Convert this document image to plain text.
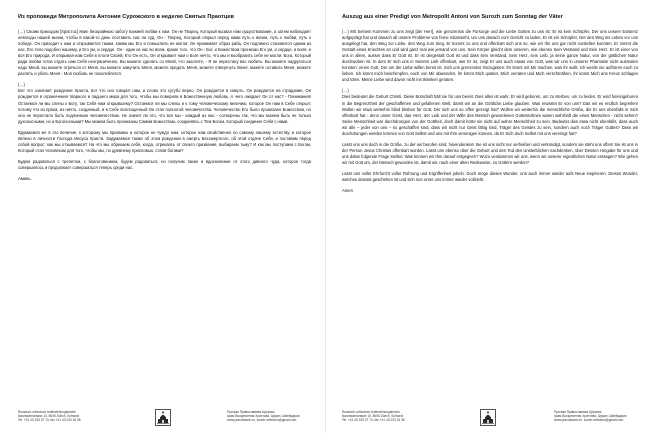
Из проповеди Митрополита Антония Сурожского в неделю Святых Праотцев
(…) Своим приходом [Христос] явил бескрайнюю заботу Божией любви к нам. Он не Творец, Который вызвал нам существование, а затем наблюдает невзгоды нашей жизни, чтобы в какой-то день поставить нас на суд. Он - Творец, Который открыл перед нами путь к жизни, путь к любви, путь к победе. Он приходит к нам и открывается таким, каким мы Его и помыслить не могли: Он принимает образ раба, Он подлинно становится одним из нас. Его тело подобно нашему, и Его ум, и сердце. Он - один из нас во всем, кроме того, что Он - Бог, и Божеством пронизан Его ум, и сердце, и воля, и вся Его природа. И открывая нам Себя в плоти Своей, Кто Он есть, Он открывает нам о Боге нечто, что мы и вообразить себе не могли: Бога, Который ради любви готов отдать нам Себя неограниченно. Вы можете сделать со Мной, что захотите, - Я не перестану вас любить. Вы можете надругаться надо Мной, вы можете отречься от Меня, вы можете замучить Меня, можете предать Меня, можете отвергнуть Меня, можете оставить Меня, можете распять и убить Меня - Моя любовь не поколеблется.
(…)
Вот что означает рождение Христа, вот что оно говорит нам, и слово это сугубо верно. Он рождается в смерть, Он рождается на страдание, Он рождается в ограничения тварного и падшего мира для того, чтобы мы поверили в Божественную любовь. А чего ожидает Он от нас? - Понимания! Остаемся ли мы слепы к Богу, так Себя нам открывшему? Остаемся ли мы слепы и к тому человеческому величию, которое Он нам в Себе открыл: потому что из праха, из ничто, созданный, и в Себе воплощенный Он стал полнотой человечества. Человечество Его было пронизано Божеством, но оно не перестало быть подлинным человечеством. Не значит ли это, что все мы - каждый из нас - сотворены так, что мы можем быть не только духоносными, но и Богоносными? Мы можем быть пронизаны Самим Божеством, соединяясь с Тем Богом, Который соединил Себя с нами.
Вдумаемся же в это величие, к которому мы призваны и которое не чуждо нам, которое нам свойственно по самому нашему естеству, и которое явлено в личности Господа Иисуса Христа. Задумаемся также об этом рождении в смерть Бессмертного, об этой отдаче Себя, и поставим перед собой вопрос: как мы отзываемся? На что мы обрекаем себя, когда, отрекаясь от своего призвания, выбираем тьму? И как мы поступаем с Богом, Который стал человеком для того, чтобы мы, по древнему присловью, стали богами?
Будем радоваться с трепетом, с благоговением, будем радоваться, но получим также и вдохновение от этого дивного чуда, которое тогда совершилось и продолжает совершаться теперь среди нас.
Аминь.
Russisch-orthodoxe Auferstehungskirche
Narzissenstrasse 10, 8006 Zürich, Schweiz
Tel. +41 43 233 37 74, fax +41 43 233 34 35
Русская Православная Церковь
храм Воскресения Христова, Цюрих, Швейцария
www.pravoslavie.ch, zurich.orthodox@gmail.com
Auszug aus einer Predigt von Metropolit Antoni von Surozh zum Sonntag der Väter
(…) Mit Seinem Kommen zu uns zeigt [der Herr], wie grenzenlos die Fürsorge und die Liebe Gottes zu uns ist: Er ist kein Schöpfer, Der uns unsere Existenz aufgeprägt hat und danach all unsere Probleme von ferne mitansieht, um uns danach vors Gericht zu laden. Er ist ein Schöpfer, Der den Weg ins Leben vor uns ausgelegt hat, den Weg zur Liebe, den Weg zum Sieg. Er kommt zu uns und offenbart sich uns so, wie wir Ihn uns gar nicht vorstellen konnten. Er nimmt die Gestalt eines Knechtes an und wird ganz real wie jemand von uns. Sein Körper gleicht dem unseren, wie ebenso Sein Verstand und Sein Herz. Er ist einer von uns in allem, ausser dass Er Gott ist. Er ist dergestalt Gott ist und dass sein Verstand, Sein Herz, sein Leib, ja seine ganze Natur, von der göttlichen Natur durchwoben ist. In dem Er sich uns in Seinem Leib offenbart, wer Er ist, zeigt Er uns auch etwas von Gott, was wir uns in unserer Phantasie nicht ausmalen konnten: einen Gott, Der um der Liebe willen bereit ist, Sich uns grenzenlos hinzugeben: Ihr könnt mit Mir machen, was ihr wollt. Ich werde nie aufhören euch zu lieben. Ich könnt mich beschimpfen, euch von Mir abwenden, ihr könnt Mich quälen, Mich verraten und Mich verschmähen, ihr könnt Mich ans Kreuz schlagen und töten. Meine Liebe wird davon nicht ins Wanken geraten.
(…)
Dies bedeutet die Geburt Christi. Diese Botschaft hält sie für uns bereit. Dies alles ist wahr. Er wird geboren, um zu sterben, um zu leiden. Er wird hineingeboren in die Begrenztheit der geschaffenen und gefallenen Welt, damit wir an die Göttliche Liebe glauben. Was erwartet Er von uns? Das wir es endlich begreifen! Wollen wir etwa weiterhin blind bleiben für Gott, Der sich uns so offen gezeigt hat? Wollen wir weiterhin die menschliche Größe, die Er uns ebenfalls in Sich offenbart hat - denn unser Geist, das Herz, der Leib und der Wille des Mensch gewordenen Gottessohnes waren wahrhaft die eines Menschen - nicht sehen? Seine Menschheit war durchdrungen von der Gottheit, doch damit hörte sie nicht auf wahre Menschheit zu sein. Bedeutet dies etwa nicht ebenfalls, dass auch wir alle – jeder von uns – so geschaffen sind, dass wir nicht nur Geist fähig sind, Träger des Geistes zu sein, sondern auch noch Träger Gottes? Dass wir durchdrungen werden können von Gott Selbst und uns mit Ihm vereinigen können, da Er Sich doch Selbst mit uns vereinigt hat?
Lasst uns uns doch in die Größe, zu der wir berufen sind, hineindenken! Sie ist uns nicht nur verheißen und verkündigt, sondern sie steht uns offen! Sie ist uns in der Person Jesus Christus offenbart worden. Lasst uns ebenso über die Geburt und den Tod des Unsterblichen nachdenken, über Dessen Hingabe für uns und uns dabei folgende Frage stellen: Was können wir Ihm darauf entgegnen? Wozu verdammen wir uns, wenn wir unserer eigentlichen Natur entsagen? Wie gehen wir mit Gott um, der Mensch geworden ist, damit wir, nach einer alten Redeweise, zu Göttern werden?
Lasst uns voller Ehrfurcht voller Rührung und Ergriffenheit jubeln. Doch möge dieses Wunder, uns auch immer wieder aufs Neue inspirieren. Dieses Wunder, welches damals geschehen ist und sich nun unter uns immer wieder vollzieht.
Amen
Russisch-orthodoxe Auferstehungskirche
Narzissenstrasse 10, 8006 Zürich, Schweiz
Tel. +41 43 233 37 74, fax +41 43 233 34 35
Русская Православная Церковь
храм Воскресения Христова, Цюрих, Швейцария
www.pravoslavie.ch, zurich.orthodox@gmail.com
